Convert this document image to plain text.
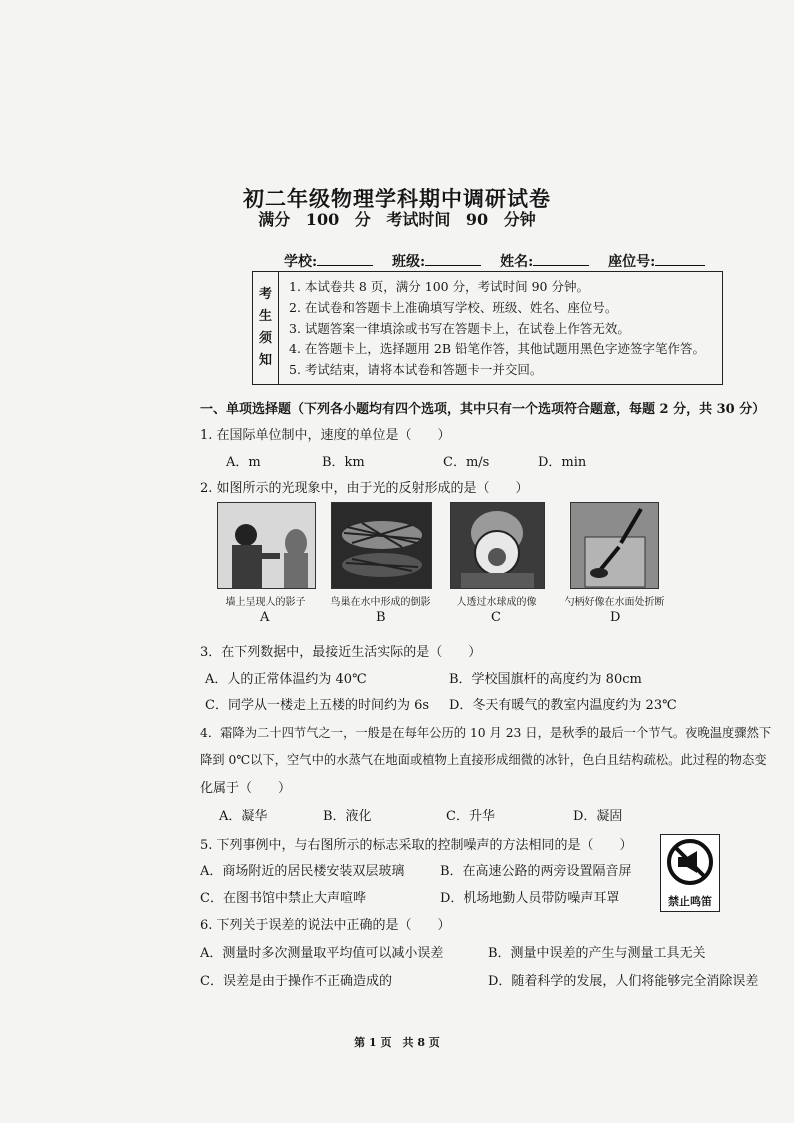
初二年级物理学科期中调研试卷
满分 100 分 考试时间 90 分钟
学校:	班级:	姓名:	座位号:
考
生
须
知
1. 本试卷共 8 页，满分 100 分，考试时间 90 分钟。
2. 在试卷和答题卡上准确填写学校、班级、姓名、座位号。
3. 试题答案一律填涂或书写在答题卡上，在试卷上作答无效。
4. 在答题卡上，选择题用 2B 铅笔作答，其他试题用黑色字迹签字笔作答。
5. 考试结束，请将本试卷和答题卡一并交回。
一、单项选择题（下列各小题均有四个选项，其中只有一个选项符合题意，每题 2 分，共 30 分）
1. 在国际单位制中，速度的单位是（　　）
A．m	B．km	C．m/s	D．min
2. 如图所示的光现象中，由于光的反射形成的是（　　）
墙上呈现人的影子	鸟巢在水中形成的倒影	人透过水球成的像	勺柄好像在水面处折断
A	B	C	D
3．在下列数据中，最接近生活实际的是（　　）
A．人的正常体温约为 40℃	B．学校国旗杆的高度约为 80cm
C．同学从一楼走上五楼的时间约为 6s D．冬天有暖气的教室内温度约为 23℃
4．霜降为二十四节气之一，一般是在每年公历的 10 月 23 日，是秋季的最后一个节气。夜晚温度骤然下
降到 0℃以下，空气中的水蒸气在地面或植物上直接形成细微的冰针，色白且结构疏松。此过程的物态变
化属于（　　）
A．凝华	B．液化	C．升华	D．凝固
5. 下列事例中，与右图所示的标志采取的控制噪声的方法相同的是（　　）
A．商场附近的居民楼安装双层玻璃	B．在高速公路的两旁设置隔音屏
C．在图书馆中禁止大声喧哗	D．机场地勤人员带防噪声耳罩	禁止鸣笛
6. 下列关于误差的说法中正确的是（　　）
A．测量时多次测量取平均值可以减小误差	B．测量中误差的产生与测量工具无关
C．误差是由于操作不正确造成的	D．随着科学的发展，人们将能够完全消除误差
第 1 页　共 8 页
